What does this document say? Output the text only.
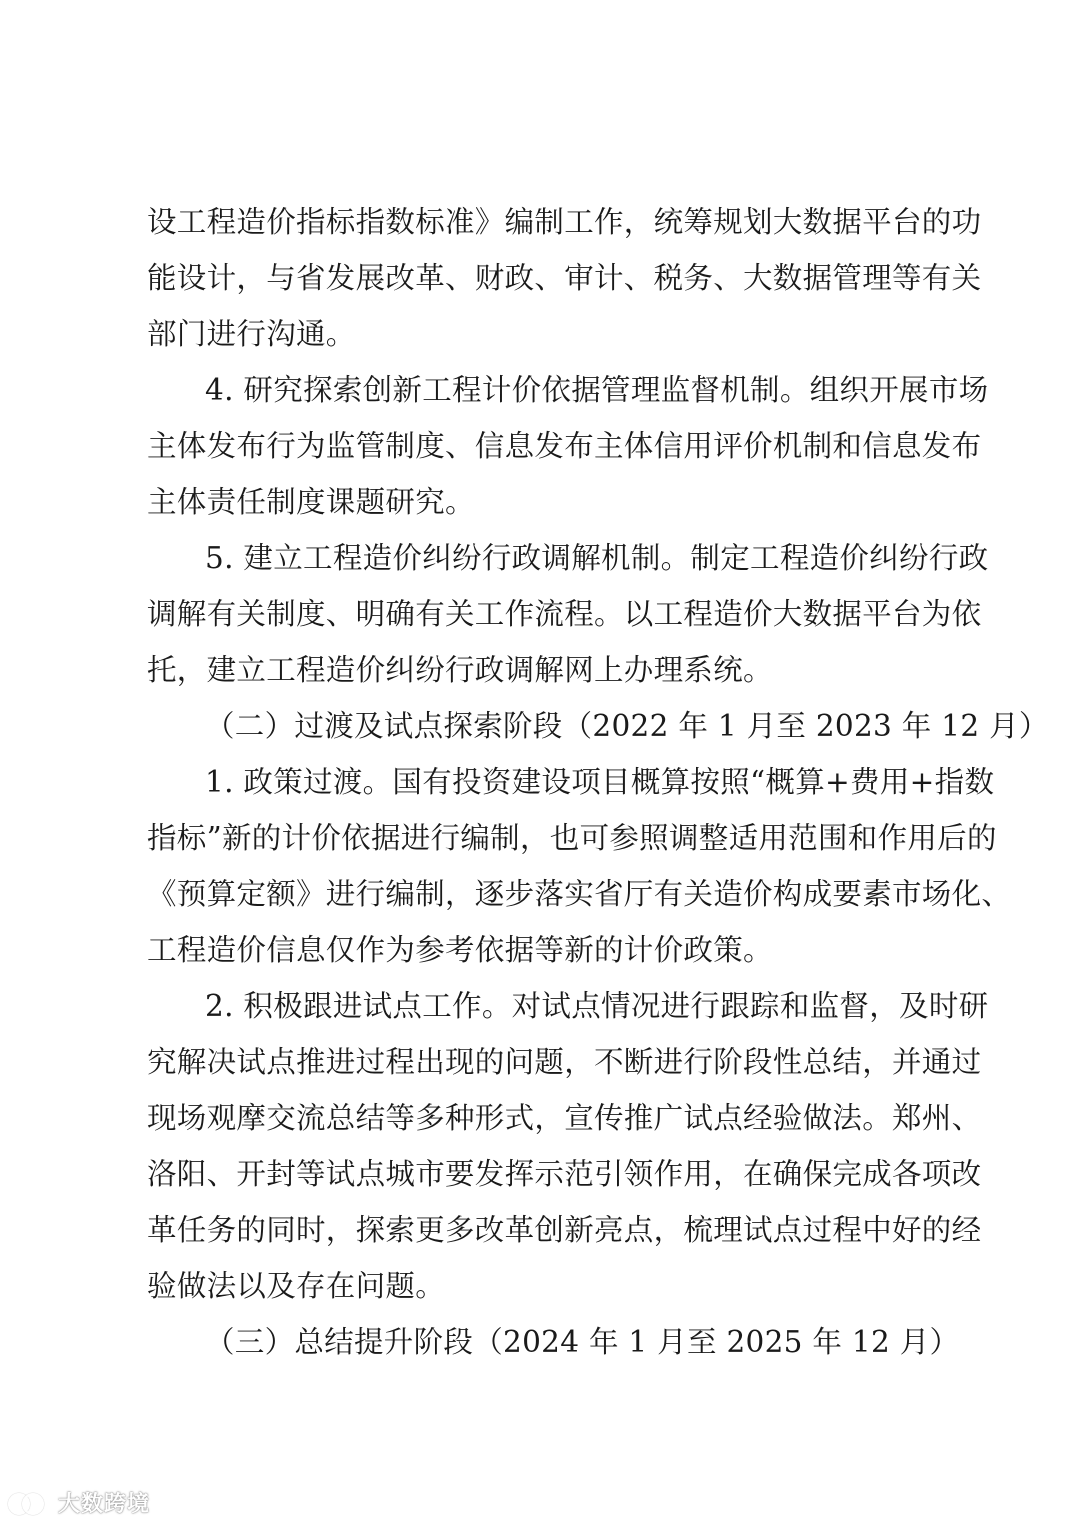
设工程造价指标指数标准》编制工作，统筹规划大数据平台的功
能设计，与省发展改革、财政、审计、税务、大数据管理等有关
部门进行沟通。
4. 研究探索创新工程计价依据管理监督机制。组织开展市场
主体发布行为监管制度、信息发布主体信用评价机制和信息发布
主体责任制度课题研究。
5. 建立工程造价纠纷行政调解机制。制定工程造价纠纷行政
调解有关制度、明确有关工作流程。以工程造价大数据平台为依
托，建立工程造价纠纷行政调解网上办理系统。
（二）过渡及试点探索阶段（2022 年 1 月至 2023 年 12 月）
1. 政策过渡。国有投资建设项目概算按照“概算+费用+指数
指标”新的计价依据进行编制，也可参照调整适用范围和作用后的
《预算定额》进行编制，逐步落实省厅有关造价构成要素市场化、
工程造价信息仅作为参考依据等新的计价政策。
2. 积极跟进试点工作。对试点情况进行跟踪和监督，及时研
究解决试点推进过程出现的问题，不断进行阶段性总结，并通过
现场观摩交流总结等多种形式，宣传推广试点经验做法。郑州、
洛阳、开封等试点城市要发挥示范引领作用，在确保完成各项改
革任务的同时，探索更多改革创新亮点，梳理试点过程中好的经
验做法以及存在问题。
（三）总结提升阶段（2024 年 1 月至 2025 年 12 月）
大数跨境
